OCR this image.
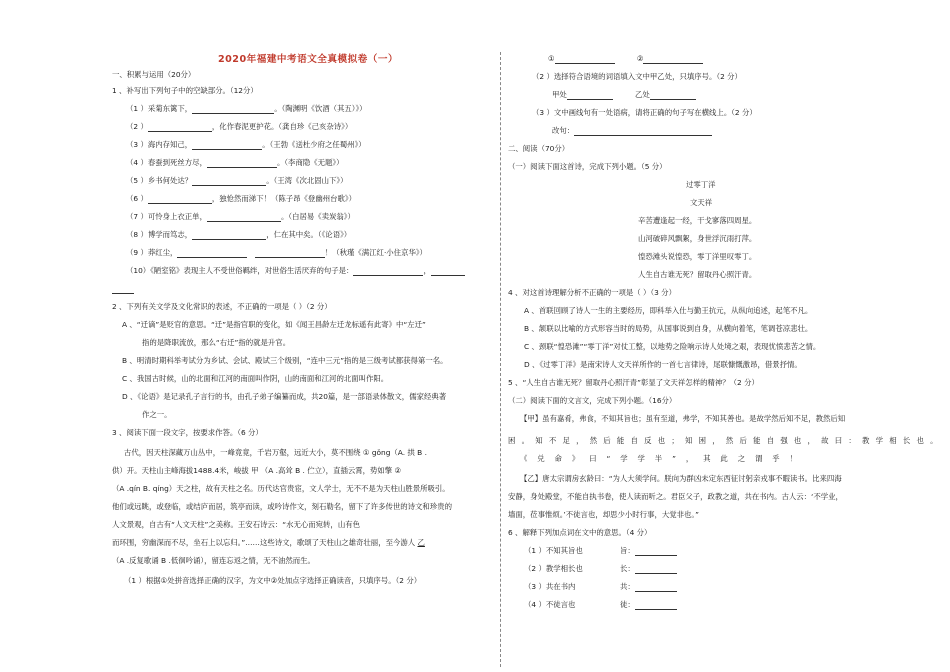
2020年福建中考语文全真模拟卷（一）
一、积累与运用（20分）
1 、补写出下列句子中的空缺部分。（12分）
（1 ）采菊东篱下，	。（陶渊明《饮酒（其五）》）
（2 ）	，化作春泥更护花。（龚自珍《己亥杂诗》）
（3 ）海内存知己，	。（王勃《送杜少府之任蜀州》）
（4 ）春蚕到死丝方尽，	。（李商隐《无题》）
（5 ）乡书何处达？	。（王湾《次北固山下》）
（6 ）	，独怆然而涕下！（陈子昂《登幽州台歌》）
（7 ）可怜身上衣正单，	。（白居易《卖炭翁》）
（8 ）博学而笃志，	，仁在其中矣。（《论语》）
（9 ）莽红尘，　	！（秋瑾《满江红·小住京华》）
（10）《陋室铭》表现主人不受世俗羁绊，对世俗生活厌弃的句子是：	，
2 、下列有关文学及文化常识的表述，不正确的一项是（ ）（2 分）
A 、“迁谪”是贬官的意思。“迁”是指官职的变化，如《闻王昌龄左迁龙标遥有此寄》中“左迁”
指的是降职流放，那么“右迁”指的就是升官。
B 、明清时期科举考试分为乡试、会试、殿试三个级别，“连中三元”指的是三级考试都获得第一名。
C 、我国古时候，山的北面和江河的南面叫作阴，山的南面和江河的北面叫作阳。
D 、《论语》是记录孔子言行的书，由孔子弟子编纂而成，共20篇，是一部语录体散文，儒家经典著
作之一。
3 、阅读下面一段文字，按要求作答。（6 分）
古代，因天柱深藏万山丛中，一峰竟竟，千岩万壑，远近大小，莫不围绕 ① gǒng（A. 拱 B .
供）开。天柱山主峰海拔1488.4米，峻拔 甲 （A .高耸 B . 伫立），直插云霄，势如擎 ②
（A .qín B. qíng）天之柱，故有天柱之名。历代达官贵宦，文人学士，无不不是为天柱山胜景所吸引。
他们或远眺，或登临，或结庐而居，筑亭而读，或吟诗作文，刻石勒名，留下了许多传世的诗文和珍贵的
人文景观，自古有“人文天柱”之美称。王安石诗云：“水无心而宛转，山有色
而环围，穷幽深而不尽，坐石上以忘归。”……这些诗文，歌颂了天柱山之雄奇壮丽，至今游人 乙
（A .反复歌诵 B .低徊吟诵），留连忘返之情，无不油然而生。
（1 ）根据①处拼音选择正确的汉字，为文中②处加点字选择正确读音，只填序号。（2 分）
①　　　	②
（2 ）选择符合语境的词语填入文中甲乙处，只填序号。（2 分）
甲处　　　	乙处
（3 ）文中画线句有一处语病，请将正确的句子写在横线上。（2 分）
改句：
二、阅读（70分）
（一）阅读下面这首诗，完成下列小题。（5 分）
过零丁洋
文天祥
辛苦遭逢起一经，干戈寥落四周星。
山河破碎风飘絮，身世浮沉雨打萍。
惶恐滩头说惶恐，零丁洋里叹零丁。
人生自古谁无死？留取丹心照汗青。
4 、对这首诗理解分析不正确的一项是（ ）（3 分）
A 、首联回顾了诗人一生的主要经历，即科举入仕与勤王抗元，从纵向追述，起笔不凡。
B 、颔联以比喻的方式形容当时的局势，从国事说到自身，从横向着笔，笔调苍凉悲壮。
C 、颈联“惶恐滩”“零丁洋”对仗工整，以地势之险响示诗人处境之艰，表现忧愤悲苦之情。
D 、《过零丁洋》是南宋诗人文天祥所作的一首七言律诗，尾联慷慨激昂，借景抒情。
5 、“人生自古谁无死？留取丹心照汗青”彰显了文天祥怎样的精神？（2 分）
（二）阅读下面的文言文，完成下列小题。（16分）
【甲】虽有嘉肴，弗食，不知其旨也；虽有至道，弗学，不知其善也。是故学然后知不足，教然后知
困。知不足，然后能自反也；知困，然后能自强也，故曰：教学相长也。
《兑命》曰“学学半”，其此之谓乎！
【乙】唐太宗谓房玄龄曰：“为人大须学问。朕向为群凶未定东西征讨躬亲戎事不暇读书。比来四海
安静，身处殿堂，不能自执书卷，使人读而听之。君臣父子，政教之道，共在书内。古人云：‘不学业，
墙面，莅事惟烦。’不徒言也，却思少小时行事，大觉非也。”
6 、解释下列加点词在文中的意思。（4 分）
（1 ）不知其旨也	旨：
（2 ）教学相长也	长：
（3 ）共在书内	共：
（4 ）不徒言也	徒：
